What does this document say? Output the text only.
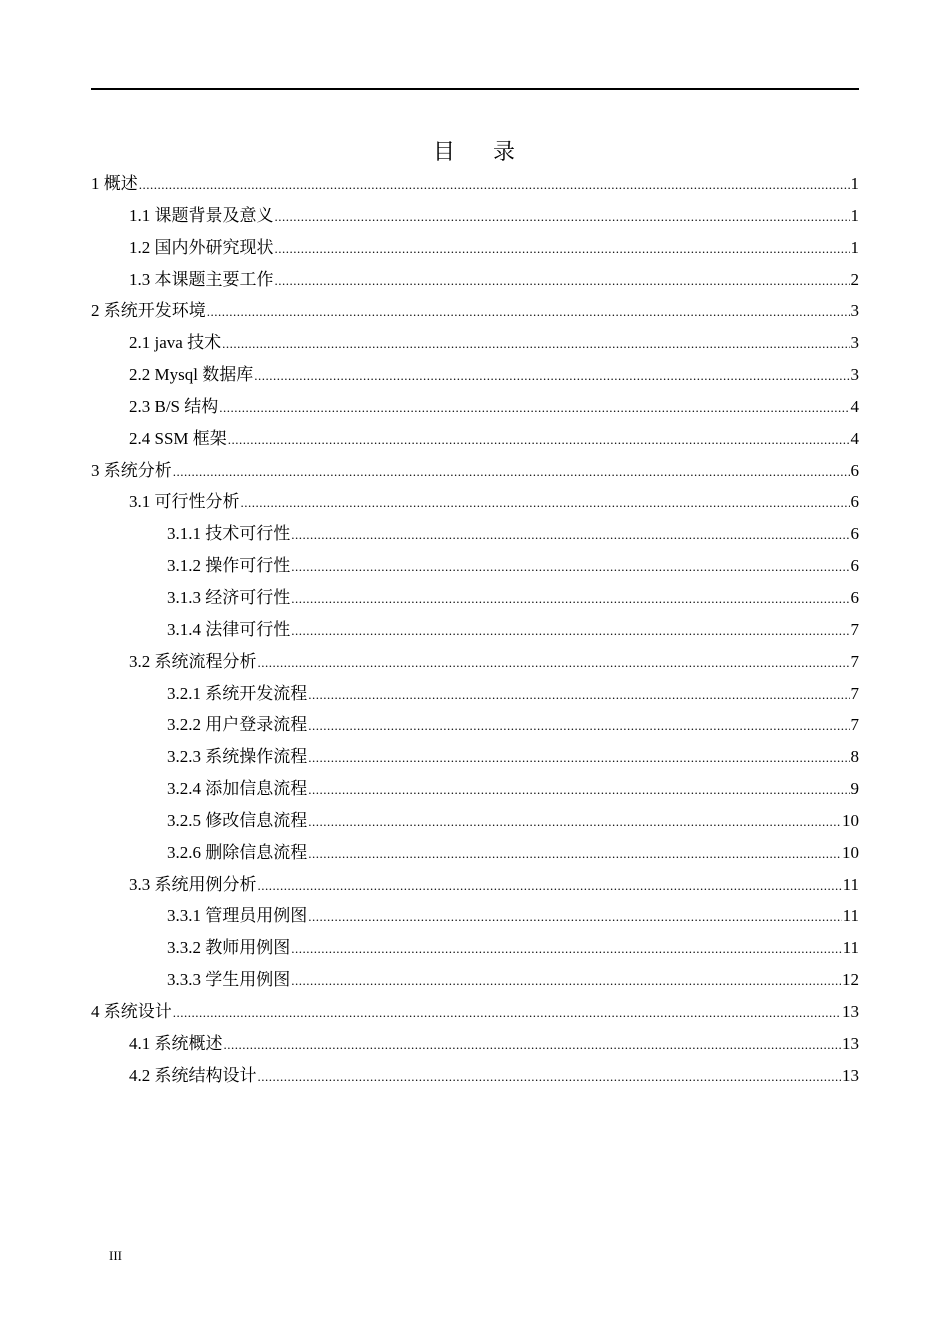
目 录
1 概述 .....	1
1.1 课题背景及意义 .....	1
1.2 国内外研究现状 .....	1
1.3 本课题主要工作 .....	2
2 系统开发环境 .....	3
2.1 java 技术 .....	3
2.2 Mysql 数据库 .....	3
2.3 B/S 结构 .....	4
2.4 SSM 框架 .....	4
3 系统分析 .....	6
3.1 可行性分析 .....	6
3.1.1 技术可行性 .....	6
3.1.2 操作可行性 .....	6
3.1.3 经济可行性 .....	6
3.1.4 法律可行性 .....	7
3.2 系统流程分析 .....	7
3.2.1 系统开发流程 .....	7
3.2.2 用户登录流程 .....	7
3.2.3 系统操作流程 .....	8
3.2.4 添加信息流程 .....	9
3.2.5 修改信息流程 .....	10
3.2.6 删除信息流程 .....	10
3.3 系统用例分析 .....	11
3.3.1 管理员用例图 .....	11
3.3.2 教师用例图 .....	11
3.3.3 学生用例图 .....	12
4 系统设计 .....	13
4.1 系统概述 .....	13
4.2 系统结构设计 .....	13
III
